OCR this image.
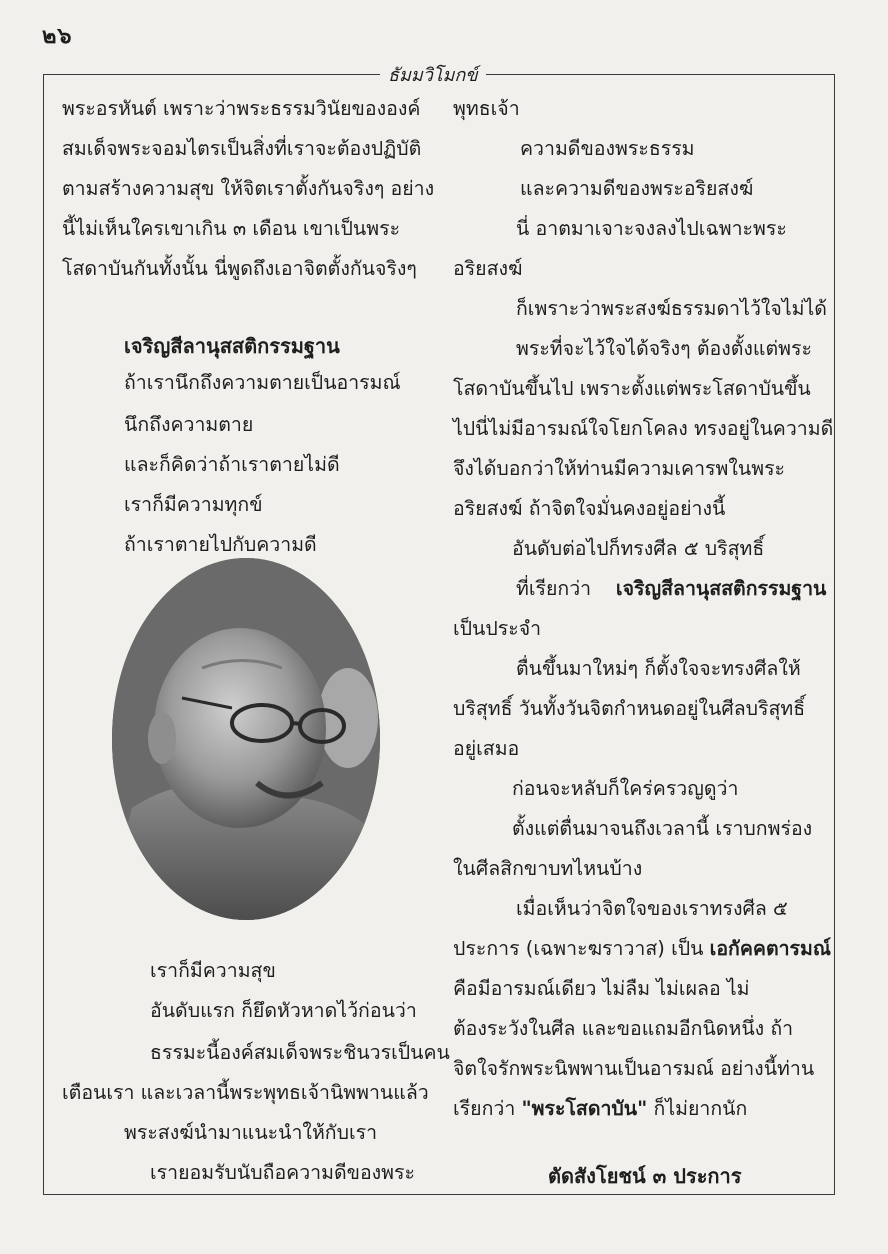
๒๖
ธัมมวิโมกข์
พระอรหันต์ เพราะว่าพระธรรมวินัยขององค์
สมเด็จพระจอมไตรเป็นสิ่งที่เราจะต้องปฏิบัติ
ตามสร้างความสุข ให้จิตเราตั้งกันจริงๆ อย่าง
นี้ไม่เห็นใครเขาเกิน ๓ เดือน เขาเป็นพระ
โสดาบันกันทั้งนั้น นี่พูดถึงเอาจิตตั้งกันจริงๆ
เจริญสีลานุสสติกรรมฐาน
ถ้าเรานึกถึงความตายเป็นอารมณ์
นึกถึงความตาย
และก็คิดว่าถ้าเราตายไม่ดี
เราก็มีความทุกข์
ถ้าเราตายไปกับความดี
เราก็มีความสุข
อันดับแรก ก็ยึดหัวหาดไว้ก่อนว่า
ธรรมะนี้องค์สมเด็จพระชินวรเป็นคน
เตือนเรา และเวลานี้พระพุทธเจ้านิพพานแล้ว
พระสงฆ์นำมาแนะนำให้กับเรา
เรายอมรับนับถือความดีของพระ
พุทธเจ้า
ความดีของพระธรรม
และความดีของพระอริยสงฆ์
นี่ อาตมาเจาะจงลงไปเฉพาะพระ
อริยสงฆ์
ก็เพราะว่าพระสงฆ์ธรรมดาไว้ใจไม่ได้
พระที่จะไว้ใจได้จริงๆ ต้องตั้งแต่พระ
โสดาบันขึ้นไป เพราะตั้งแต่พระโสดาบันขึ้น
ไปนี่ไม่มีอารมณ์ใจโยกโคลง ทรงอยู่ในความดี
จึงได้บอกว่าให้ท่านมีความเคารพในพระ
อริยสงฆ์ ถ้าจิตใจมั่นคงอยู่อย่างนี้
อันดับต่อไปก็ทรงศีล ๕ บริสุทธิ์
ที่เรียกว่า เจริญสีลานุสสติกรรมฐาน
เป็นประจำ
ตื่นขึ้นมาใหม่ๆ ก็ตั้งใจจะทรงศีลให้
บริสุทธิ์ วันทั้งวันจิตกำหนดอยู่ในศีลบริสุทธิ์
อยู่เสมอ
ก่อนจะหลับก็ใคร่ครวญดูว่า
ตั้งแต่ตื่นมาจนถึงเวลานี้ เราบกพร่อง
ในศีลสิกขาบทไหนบ้าง
เมื่อเห็นว่าจิตใจของเราทรงศีล ๕
ประการ (เฉพาะฆราวาส) เป็น เอกัคคตารมณ์
คือมีอารมณ์เดียว ไม่ลืม ไม่เผลอ ไม่
ต้องระวังในศีล และขอแถมอีกนิดหนึ่ง ถ้า
จิตใจรักพระนิพพานเป็นอารมณ์ อย่างนี้ท่าน
เรียกว่า "พระโสดาบัน" ก็ไม่ยากนัก
ตัดสังโยชน์ ๓ ประการ
